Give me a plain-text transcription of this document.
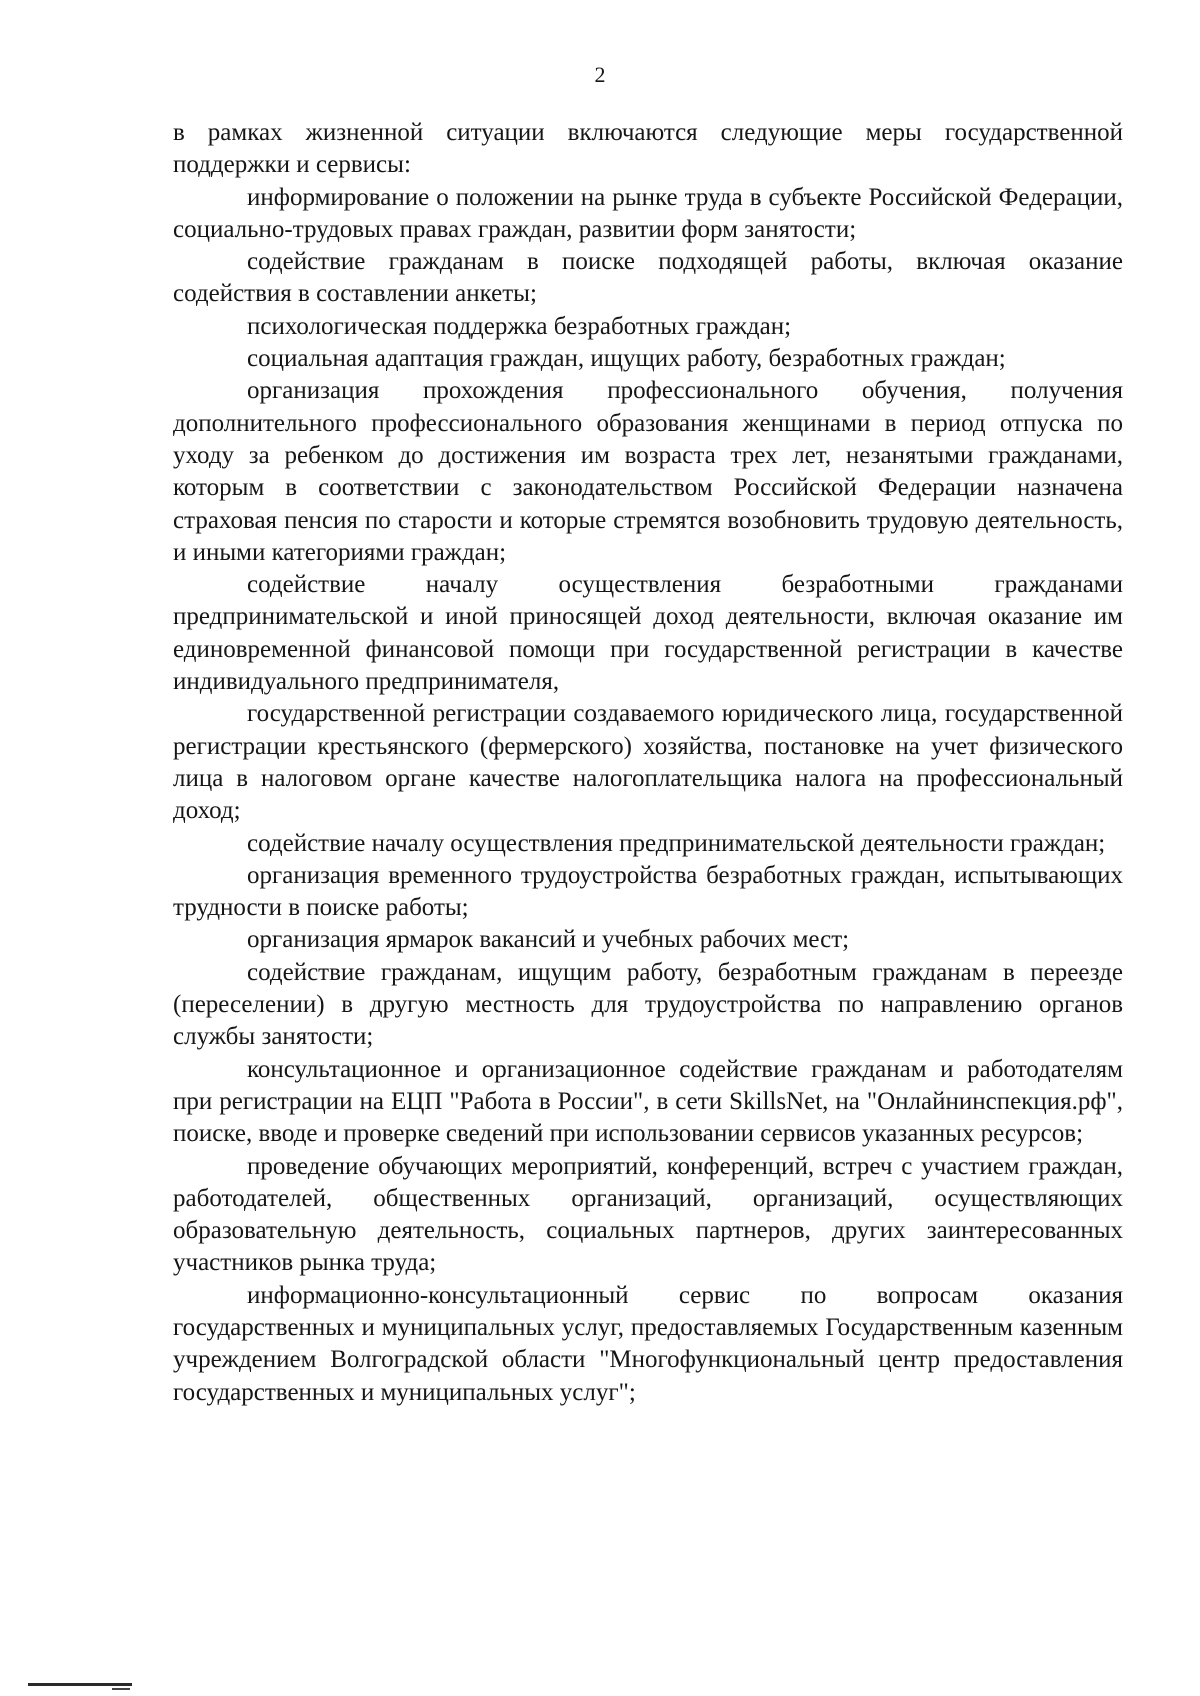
2

в рамках жизненной ситуации включаются следующие меры государственной поддержки и сервисы:

информирование о положении на рынке труда в субъекте Российской Федерации, социально-трудовых правах граждан, развитии форм занятости;

содействие гражданам в поиске подходящей работы, включая оказание содействия в составлении анкеты;

психологическая поддержка безработных граждан;

социальная адаптация граждан, ищущих работу, безработных граждан;

организация прохождения профессионального обучения, получения дополнительного профессионального образования женщинами в период отпуска по уходу за ребенком до достижения им возраста трех лет, незанятыми гражданами, которым в соответствии с законодательством Российской Федерации назначена страховая пенсия по старости и которые стремятся возобновить трудовую деятельность, и иными категориями граждан;

содействие началу осуществления безработными гражданами предпринимательской и иной приносящей доход деятельности, включая оказание им единовременной финансовой помощи при государственной регистрации в качестве индивидуального предпринимателя,

государственной регистрации создаваемого юридического лица, государственной регистрации крестьянского (фермерского) хозяйства, постановке на учет физического лица в налоговом органе качестве налогоплательщика налога на профессиональный доход;

содействие началу осуществления предпринимательской деятельности граждан;

организация временного трудоустройства безработных граждан, испытывающих трудности в поиске работы;

организация ярмарок вакансий и учебных рабочих мест;

содействие гражданам, ищущим работу, безработным гражданам в переезде (переселении) в другую местность для трудоустройства по направлению органов службы занятости;

консультационное и организационное содействие гражданам и работодателям при регистрации на ЕЦП "Работа в России", в сети SkillsNet, на "Онлайнинспекция.рф", поиске, вводе и проверке сведений при использовании сервисов указанных ресурсов;

проведение обучающих мероприятий, конференций, встреч с участием граждан, работодателей, общественных организаций, организаций, осуществляющих образовательную деятельность, социальных партнеров, других заинтересованных участников рынка труда;

информационно-консультационный сервис по вопросам оказания государственных и муниципальных услуг, предоставляемых Государственным казенным учреждением Волгоградской области "Многофункциональный центр предоставления государственных и муниципальных услуг";
